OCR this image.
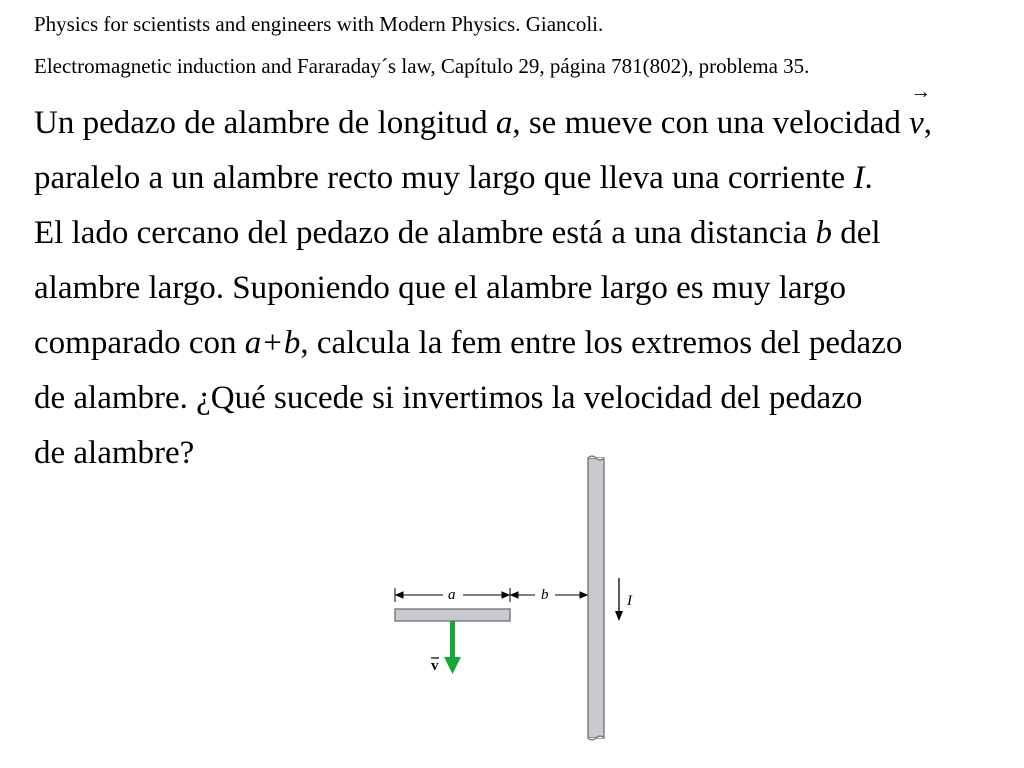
Physics for scientists and engineers with Modern Physics. Giancoli.
Electromagnetic induction and Fararaday´s law, Capítulo 29, página 781(802), problema 35.
Un pedazo de alambre de longitud a, se mueve con una velocidad
→
v,
paralelo a un alambre recto muy largo que lleva una corriente I.
El lado cercano del pedazo de alambre está a una distancia b del
alambre largo. Suponiendo que el alambre largo es muy largo
comparado con a+b, calcula la fem entre los extremos del pedazo
de alambre. ¿Qué sucede si invertimos la velocidad del pedazo
de alambre?
I
a	b
v
